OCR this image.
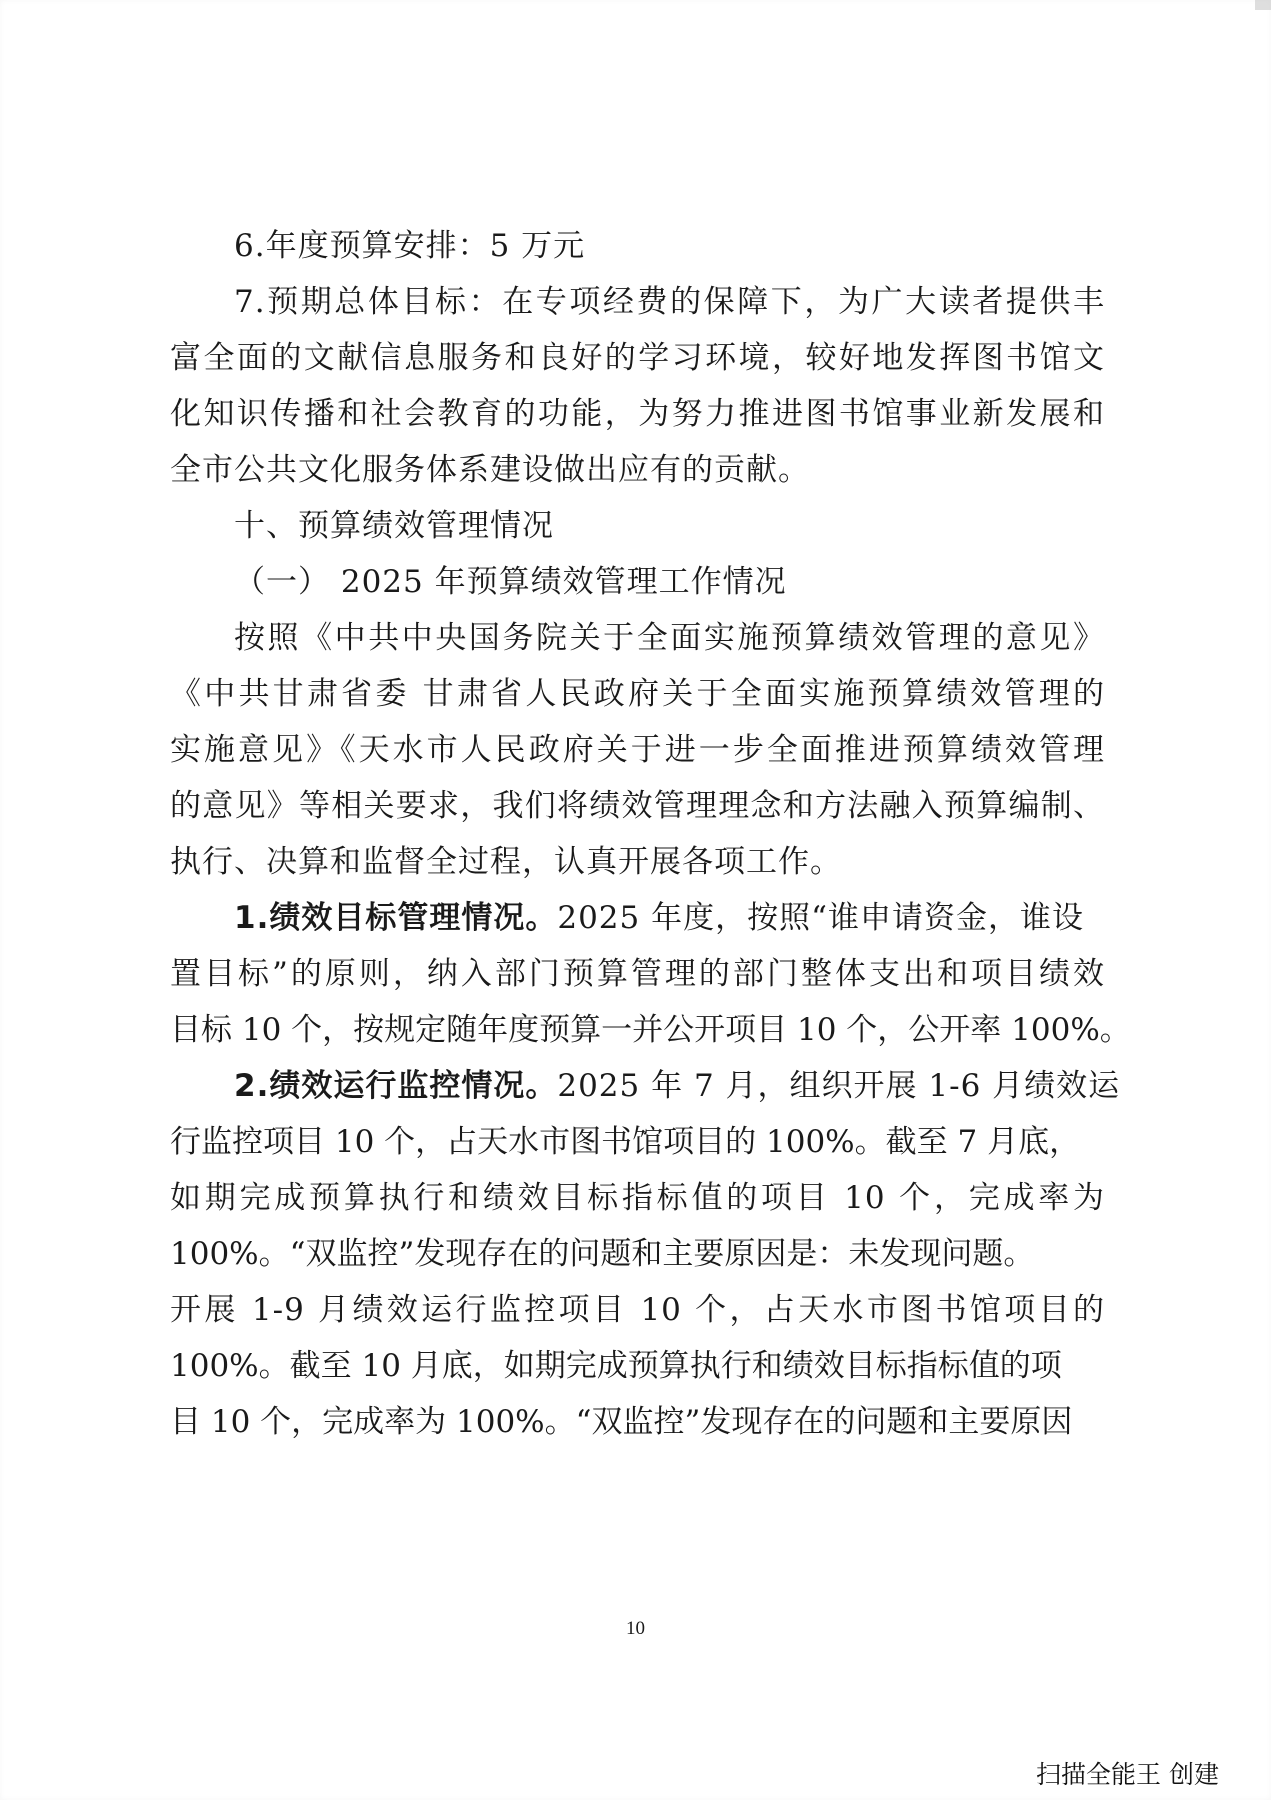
6.年度预算安排：5 万元
7.预期总体目标：在专项经费的保障下，为广大读者提供丰
富全面的文献信息服务和良好的学习环境，较好地发挥图书馆文
化知识传播和社会教育的功能，为努力推进图书馆事业新发展和
全市公共文化服务体系建设做出应有的贡献。
十、预算绩效管理情况
（一） 2025 年预算绩效管理工作情况
按照《中共中央国务院关于全面实施预算绩效管理的意见》
《中共甘肃省委 甘肃省人民政府关于全面实施预算绩效管理的
实施意见》《天水市人民政府关于进一步全面推进预算绩效管理
的意见》等相关要求，我们将绩效管理理念和方法融入预算编制、
执行、决算和监督全过程，认真开展各项工作。
1.绩效目标管理情况。2025 年度，按照“谁申请资金，谁设
置目标”的原则，纳入部门预算管理的部门整体支出和项目绩效
目标 10 个，按规定随年度预算一并公开项目 10 个，公开率 100%。
2.绩效运行监控情况。2025 年 7 月，组织开展 1-6 月绩效运
行监控项目 10 个，占天水市图书馆项目的 100%。截至 7 月底，
如期完成预算执行和绩效目标指标值的项目 10 个，完成率为
100%。“双监控”发现存在的问题和主要原因是：未发现问题。
开展 1-9 月绩效运行监控项目 10 个，占天水市图书馆项目的
100%。截至 10 月底，如期完成预算执行和绩效目标指标值的项
目 10 个，完成率为 100%。“双监控”发现存在的问题和主要原因
10
扫描全能王 创建
